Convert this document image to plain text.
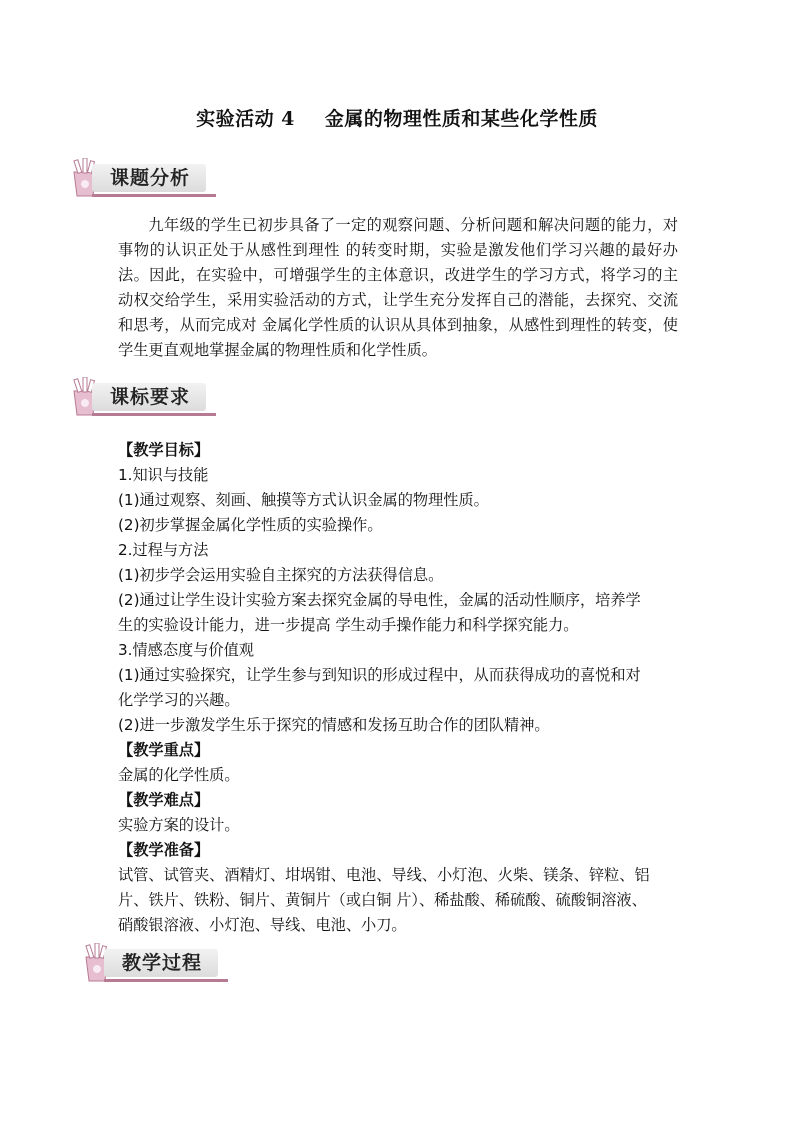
实验活动 4 金属的物理性质和某些化学性质
课题分析
九年级的学生已初步具备了一定的观察问题、分析问题和解决问题的能力，对事物的认识正处于从感性到理性 的转变时期，实验是激发他们学习兴趣的最好办法。因此，在实验中，可增强学生的主体意识，改进学生的学习方式，将学习的主动权交给学生，采用实验活动的方式，让学生充分发挥自己的潜能，去探究、交流和思考，从而完成对 金属化学性质的认识从具体到抽象，从感性到理性的转变，使学生更直观地掌握金属的物理性质和化学性质。
课标要求
【教学目标】
1.知识与技能
(1)通过观察、刻画、触摸等方式认识金属的物理性质。
(2)初步掌握金属化学性质的实验操作。
2.过程与方法
(1)初步学会运用实验自主探究的方法获得信息。
(2)通过让学生设计实验方案去探究金属的导电性，金属的活动性顺序，培养学
生的实验设计能力，进一步提高 学生动手操作能力和科学探究能力。
3.情感态度与价值观
(1)通过实验探究，让学生参与到知识的形成过程中，从而获得成功的喜悦和对
化学学习的兴趣。
(2)进一步激发学生乐于探究的情感和发扬互助合作的团队精神。
【教学重点】
金属的化学性质。
【教学难点】
实验方案的设计。
【教学准备】
试管、试管夹、酒精灯、坩埚钳、电池、导线、小灯泡、火柴、镁条、锌粒、铝
片、铁片、铁粉、铜片、黄铜片（或白铜 片）、稀盐酸、稀硫酸、硫酸铜溶液、
硝酸银溶液、小灯泡、导线、电池、小刀。
教学过程
